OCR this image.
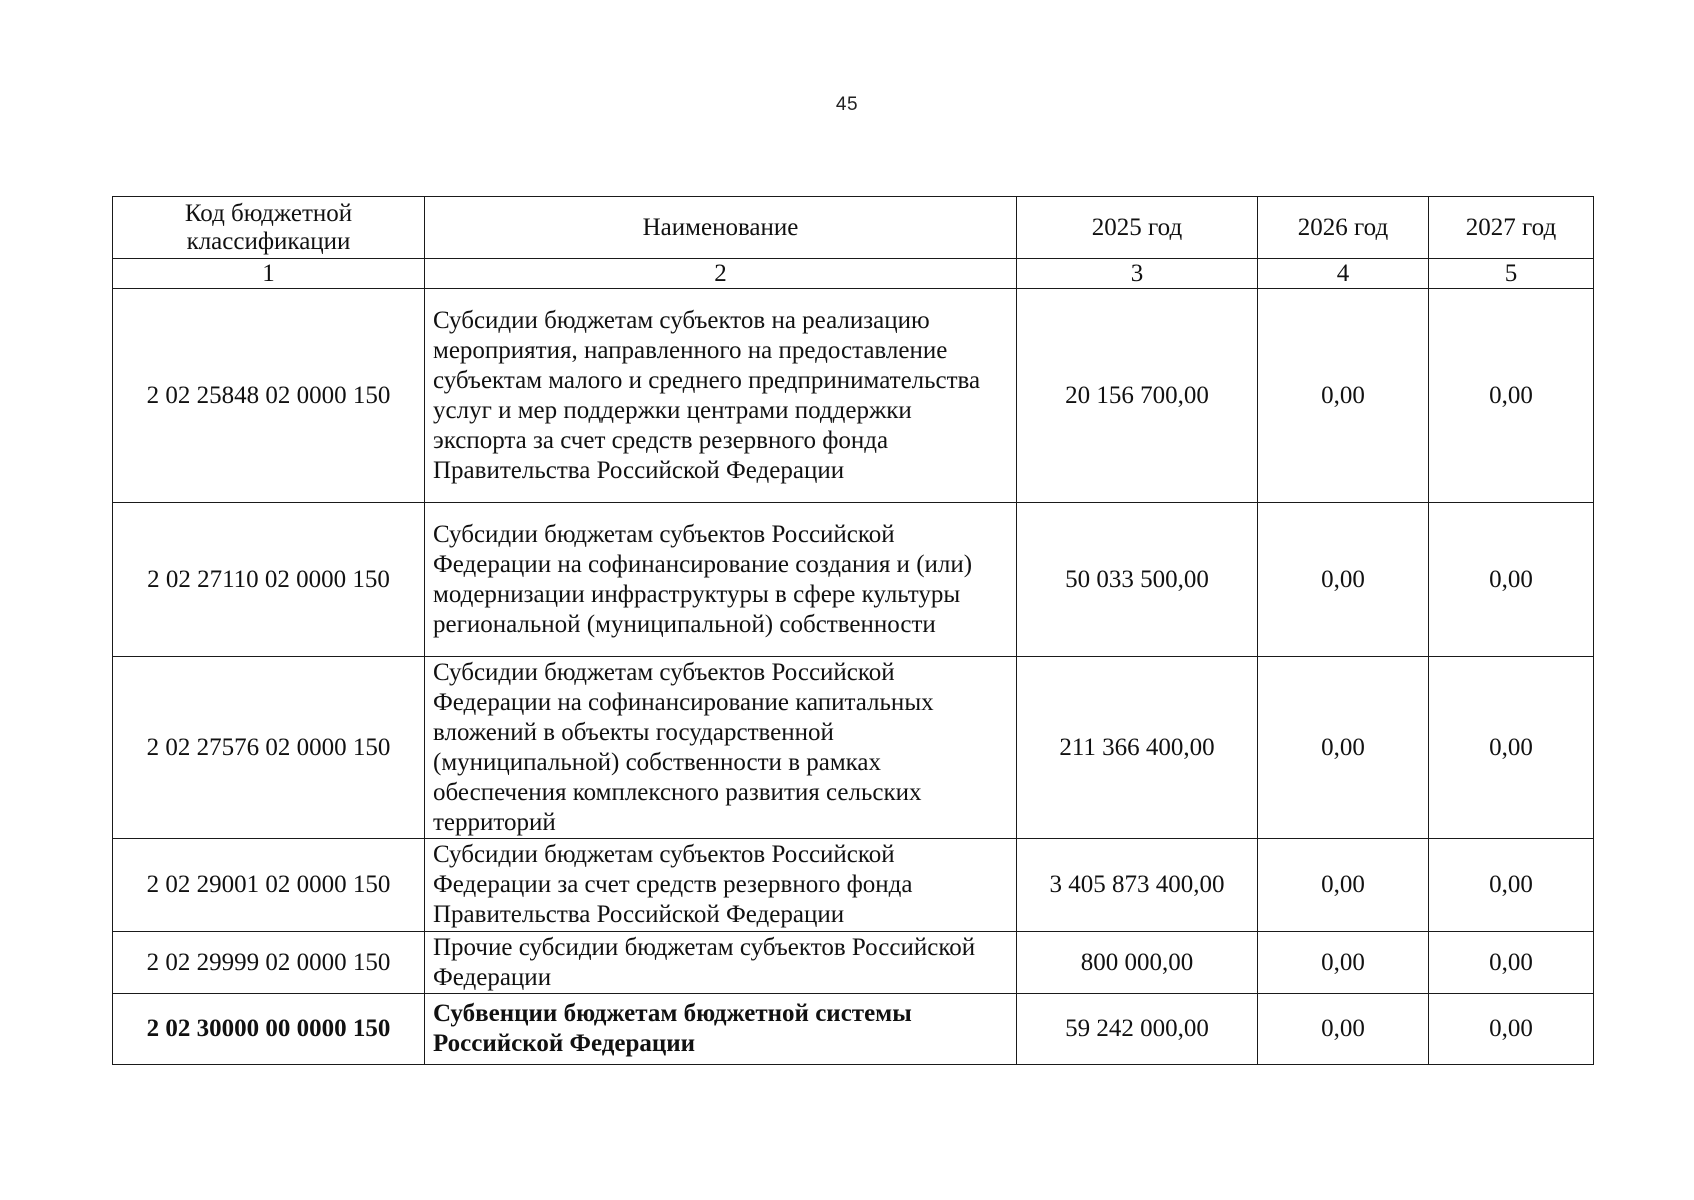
45
Код бюджетной классификации	Наименование	2025 год	2026 год	2027 год
1	2	3	4	5
2 02 25848 02 0000 150	Субсидии бюджетам субъектов на реализацию мероприятия, направленного на предоставление субъектам малого и среднего предпринимательства услуг и мер поддержки центрами поддержки экспорта за счет средств резервного фонда Правительства Российской Федерации	20 156 700,00	0,00	0,00
2 02 27110 02 0000 150	Субсидии бюджетам субъектов Российской Федерации на софинансирование создания и (или) модернизации инфраструктуры в сфере культуры региональной (муниципальной) собственности	50 033 500,00	0,00	0,00
2 02 27576 02 0000 150	Субсидии бюджетам субъектов Российской Федерации на софинансирование капитальных вложений в объекты государственной (муниципальной) собственности в рамках обеспечения комплексного развития сельских территорий	211 366 400,00	0,00	0,00
2 02 29001 02 0000 150	Субсидии бюджетам субъектов Российской Федерации за счет средств резервного фонда Правительства Российской Федерации	3 405 873 400,00	0,00	0,00
2 02 29999 02 0000 150	Прочие субсидии бюджетам субъектов Российской Федерации	800 000,00	0,00	0,00
2 02 30000 00 0000 150	Субвенции бюджетам бюджетной системы Российской Федерации	59 242 000,00	0,00	0,00
